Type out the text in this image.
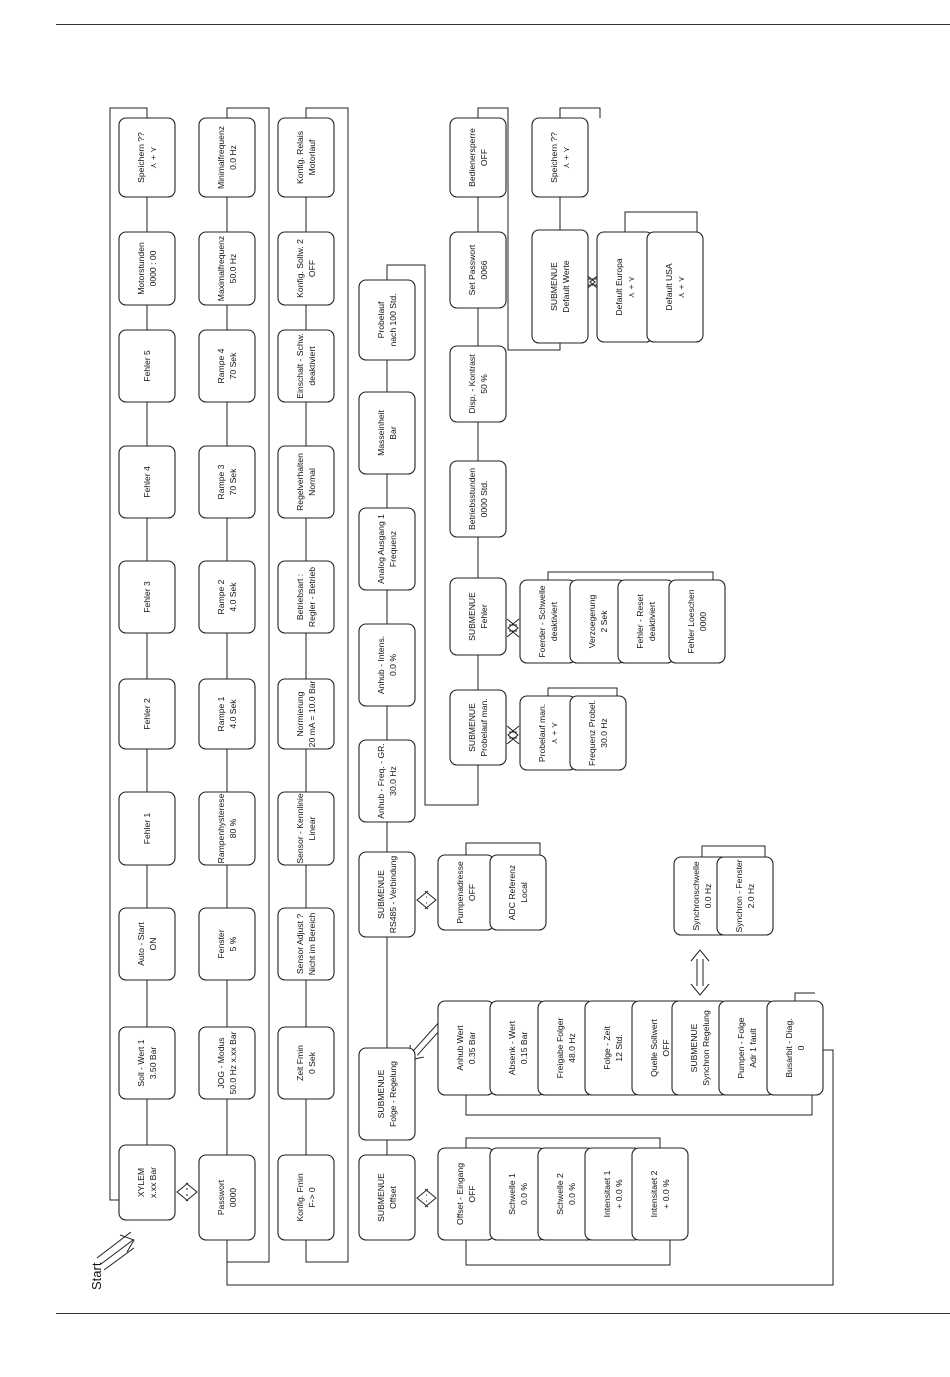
XYLEM x.xx Bar
Soll - Wert 1 3.50 Bar
Auto - Start ON
Fehler 1
Fehler 2
Fehler 3
Fehler 4
Fehler 5
Motorstunden 0000 : 00
Speichern ?? ⋏ + ⋎
Passwort 0000
JOG - Modus 50.0 Hz x.xx Bar
Fenster 5 %
Rampenhysterese 80 %
Rampe 1 4.0 Sek
Rampe 2 4.0 Sek
Rampe 3 70 Sek
Rampe 4 70 Sek
Maximalfrequenz 50.0 Hz
Minimalfrequenz 0.0 Hz
Konfig. Fmin F-> 0
Zeit Fmin 0 Sek
Sensor Adjust ? Nicht im Bereich
Sensor - Kennlinie Linear
Normierung 20 mA = 10.0 Bar
Betriebsart : Regler - Betrieb
Regelverhalten Normal
Einschalt - Schw. deaktiviert
Konfig. Sollw. 2 OFF
Konfig. Relais Motorlauf
SUBMENUE Offset
SUBMENUE Folge - Regelung
SUBMENUE RS485 - Verbindung
Anhub - Freq. - GR. 30.0 Hz
Anhub - Intens. 0.0 %
Analog Ausgang 1 Frequenz
Masseinheit Bar
Probelauf nach 100 Std.
SUBMENUE Probelauf man.
SUBMENUE Fehler
Betriebsstunden 0000 Std.
Disp. - Kontrast 50 %
Set Passwort 0066
Bedienersperre OFF
SUBMENUE Default Werte
Speichern ?? ⋏ + ⋎
Offset - Eingang OFF	Schwelle 1 0.0 %	Schwelle 2 0.0 %	Intensitaet 1 + 0.0 %	Intensitaet 2 + 0.0 %
Anhub Wert 0.35 Bar	Absenk - Wert 0.15 Bar	Freigabe Folger 48.0 Hz	Folge - Zeit 12 Std.	Quelle Sollwert OFF SUBMENUE Synchron Regelung	Pumpen - Folge Adr 1 fault	Busarbit - Diag. 0
Pumpenadresse OFF	ADC Referenz Local	Synchronschwelle 0.0 Hz Synchron - Fenster 2.0 Hz
Probelauf man. ⋏ + ⋎	Frequenz Probel. 30.0 Hz
Foerder - Schwelle deaktiviert	Verzoegerung 2 Sek	Fehler - Reset deaktiviert	Fehler Loeschen 0000
Default Europa ⋏ + ⋎	Default USA ⋏ + ⋎
Start
